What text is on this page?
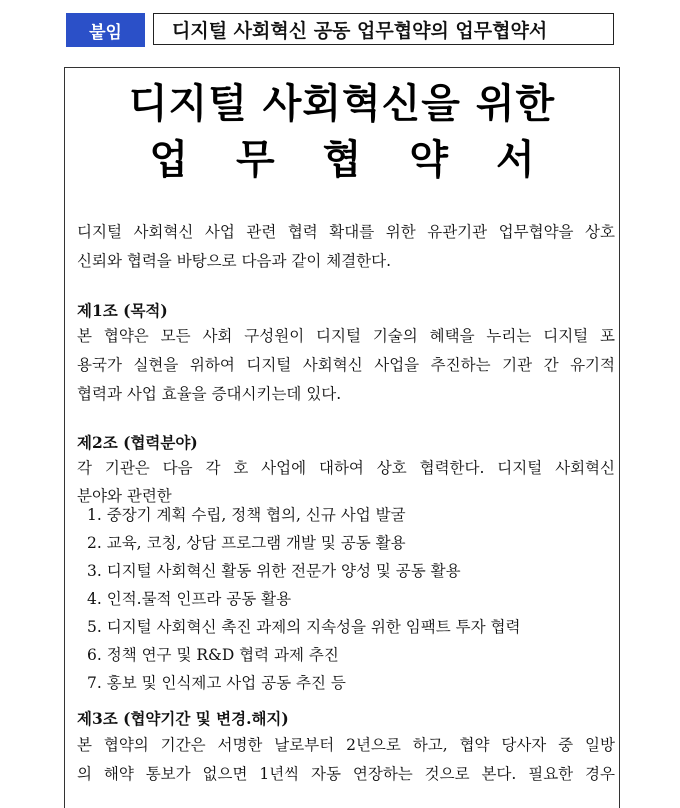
붙임	디지털 사회혁신 공동 업무협약의 업무협약서
디지털 사회혁신을 위한
업 무 협 약 서
디지털 사회혁신 사업 관련 협력 확대를 위한 유관기관 업무협약을 상호
신뢰와 협력을 바탕으로 다음과 같이 체결한다.
제1조 (목적)
본 협약은 모든 사회 구성원이 디지털 기술의 혜택을 누리는 디지털 포
용국가 실현을 위하여 디지털 사회혁신 사업을 추진하는 기관 간 유기적
협력과 사업 효율을 증대시키는데 있다.
제2조 (협력분야)
각 기관은 다음 각 호 사업에 대하여 상호 협력한다. 디지털 사회혁신
분야와 관련한
1. 중장기 계획 수립, 정책 협의, 신규 사업 발굴
2. 교육, 코칭, 상담 프로그램 개발 및 공동 활용
3. 디지털 사회혁신 활동 위한 전문가 양성 및 공동 활용
4. 인적.물적 인프라 공동 활용
5. 디지털 사회혁신 촉진 과제의 지속성을 위한 임팩트 투자 협력
6. 정책 연구 및 R&D 협력 과제 추진
7. 홍보 및 인식제고 사업 공동 추진 등
제3조 (협약기간 및 변경.해지)
본 협약의 기간은 서명한 날로부터 2년으로 하고, 협약 당사자 중 일방
의 해약 통보가 없으면 1년씩 자동 연장하는 것으로 본다. 필요한 경우
